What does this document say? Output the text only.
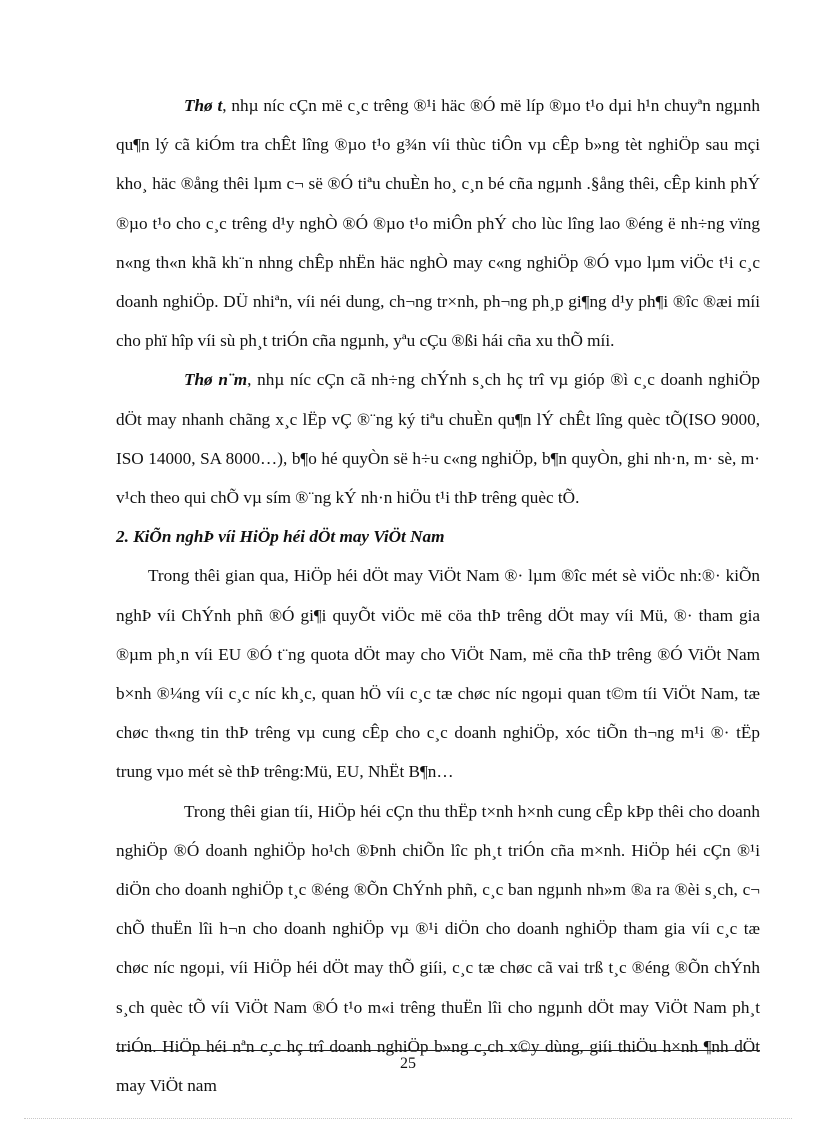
Thø t, nhµ níc cÇn më c¸c trêng ®¹i häc ®Ó më líp ®µo t¹o dµi h¹n chuyªn ngµnh qu¶n lý cã kiÓm tra chÊt lîng ®µo t¹o g¾n víi thùc tiÔn vµ cÊp b»ng tèt nghiÖp sau mçi kho¸ häc ®ång thêi lµm c¬ së ®Ó tiªu chuÈn ho¸ c¸n bé cña ngµnh .§ång thêi, cÊp kinh phÝ ®µo t¹o cho c¸c trêng d¹y nghÒ ®Ó ®µo t¹o miÔn phÝ cho lùc lîng lao ®éng ë nh÷ng vïng n«ng th«n khã kh¨n nhng chÊp nhËn häc nghÒ may c«ng nghiÖp ®Ó vµo lµm viÖc t¹i c¸c doanh nghiÖp. DÜ nhiªn, víi néi dung, ch¬ng tr×nh, ph¬ng ph¸p gi¶ng d¹y ph¶i ®îc ®æi míi cho phï hîp víi sù ph¸t triÓn cña ngµnh, yªu cÇu ®ßi hái cña xu thÕ míi.

Thø n¨m, nhµ níc cÇn cã nh÷ng chÝnh s¸ch hç trî vµ gióp ®ì c¸c doanh nghiÖp dÖt may nhanh chãng x¸c lËp vÇ ®¨ng ký tiªu chuÈn qu¶n lÝ chÊt lîng quèc tÕ(ISO 9000, ISO 14000, SA 8000…), b¶o hé quyÒn së h÷u c«ng nghiÖp, b¶n quyÒn, ghi nh·n, m· sè, m· v¹ch theo qui chÕ vµ sím ®¨ng kÝ nh·n hiÖu t¹i thÞ trêng quèc tÕ.

2. KiÕn nghÞ víi HiÖp héi dÖt may ViÖt Nam

Trong thêi gian qua, HiÖp héi dÖt may ViÖt Nam ®· lµm ®îc mét sè viÖc nh:®· kiÕn nghÞ víi ChÝnh phñ ®Ó gi¶i quyÕt viÖc më cöa thÞ trêng dÖt may víi Mü, ®· tham gia ®µm ph¸n víi EU ®Ó t¨ng quota dÖt may cho ViÖt Nam, më cña thÞ trêng ®Ó ViÖt Nam b×nh ®¼ng víi c¸c níc kh¸c, quan hÖ víi c¸c tæ chøc níc ngoµi quan t©m tíi ViÖt Nam, tæ chøc th«ng tin thÞ trêng vµ cung cÊp cho c¸c doanh nghiÖp, xóc tiÕn th¬ng m¹i ®· tËp trung vµo mét sè thÞ trêng:Mü, EU, NhËt B¶n…

Trong thêi gian tíi, HiÖp héi cÇn thu thËp t×nh h×nh cung cÊp kÞp thêi cho doanh nghiÖp ®Ó doanh nghiÖp ho¹ch ®Þnh chiÕn lîc ph¸t triÓn cña m×nh. HiÖp héi cÇn ®¹i diÖn cho doanh nghiÖp t¸c ®éng ®Õn ChÝnh phñ, c¸c ban ngµnh nh»m ®a ra ®èi s¸ch, c¬ chÕ thuËn lîi h¬n cho doanh nghiÖp vµ ®¹i diÖn cho doanh nghiÖp tham gia víi c¸c tæ chøc níc ngoµi, víi HiÖp héi dÖt may thÕ giíi, c¸c tæ chøc cã vai trß t¸c ®éng ®Õn chÝnh s¸ch quèc tÕ víi ViÖt Nam ®Ó t¹o m«i trêng thuËn lîi cho ngµnh dÖt may ViÖt Nam ph¸t triÓn. HiÖp héi nªn c¸c hç trî doanh nghiÖp b»ng c¸ch x©y dùng, giíi thiÖu h×nh ¶nh dÖt may ViÖt nam

25
